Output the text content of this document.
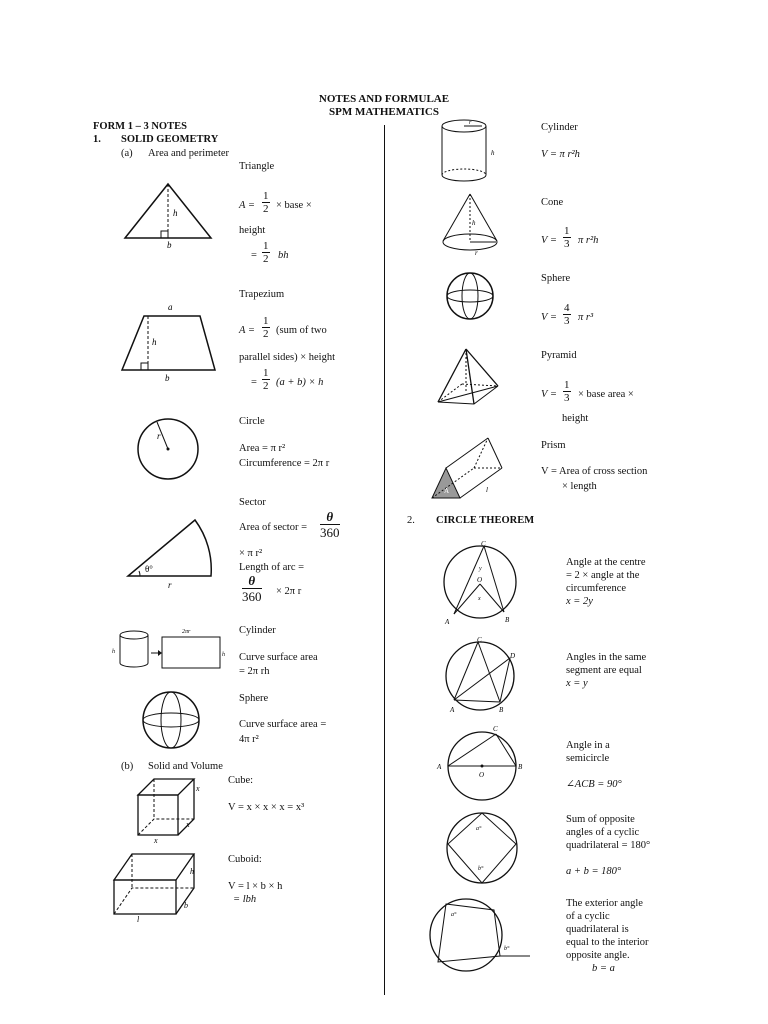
NOTES AND FORMULAE
SPM MATHEMATICS
FORM 1 – 3 NOTES
1. SOLID GEOMETRY
(a) Area and perimeter
Triangle
h
b
$A = \frac{1}{2}$ × base ×
height
= $\frac{1}{2}$ bh
Trapezium
a
h
b
$A = \frac{1}{2} (sum$ of two
parallel sides) × height
= $\frac{1}{2} (a + b) \times h$
Circle
r
Area = π r²
Circumference = 2π r
Sector
θ°
r
Area of sector = $\frac{\theta}{360}$
× π r²
Length of arc =
$\frac{\theta}{360} \times 2\pi$ r
Cylinder
h
2πr
h Curve surface area
= 2π rh
Sphere
Curve surface area =
4π r²
(b) Solid and Volume
Cube:
x
x
x
V = x × x × x = x³
Cuboid:
h
b
l
V = l × b × h
= lbh
r
h
Cylinder
V = π r²h
h
r
Cone
$V = \frac{1}{3}$ π r²h
Sphere
$V = \frac{4}{3}$ π r³
Pyramid
$V = \frac{1}{3}$ × base area ×
height
A	l
Prism
V = Area of cross section
× length
2. CIRCLE THEOREM
C
O
A	B
y
x
Angle at the centre
= 2 × angle at the
circumference
x = 2y
C
D
A	B
Angles in the same
segment are equal
x = y
C
A	B
O
Angle in a
semicircle
∠ACB = 90°
a°
b°
Sum of opposite
angles of a cyclic
quadrilateral = 180°
a + b = 180°
a°
b°
The exterior angle
of a cyclic
quadrilateral is
equal to the interior
opposite angle.
b = a
